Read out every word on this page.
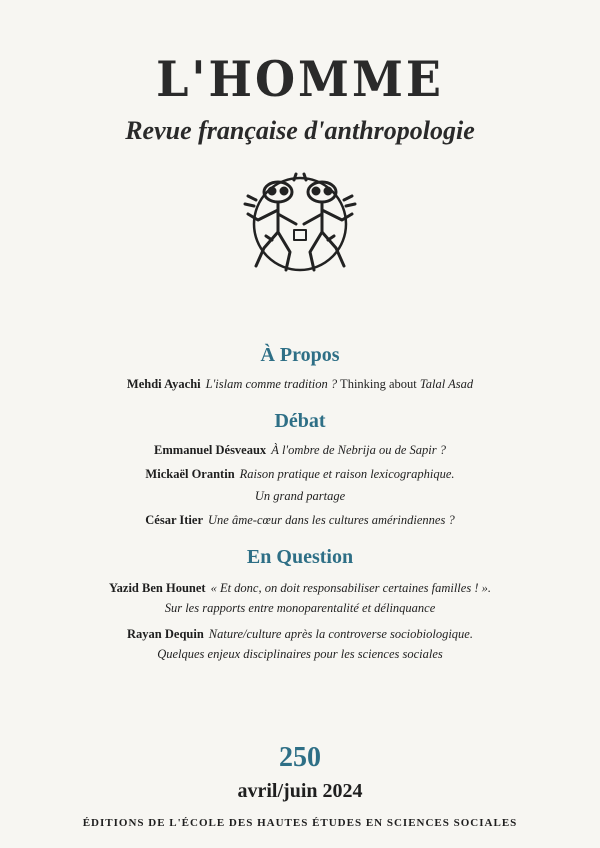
L'HOMME
Revue française d'anthropologie
À Propos
Mehdi Ayachi L'islam comme tradition ? Thinking about Talal Asad
Débat
Emmanuel Désveaux À l'ombre de Nebrija ou de Sapir ?
Mickaël Orantin Raison pratique et raison lexicographique.
Un grand partage
César Itier Une âme-cœur dans les cultures amérindiennes ?
En Question
Yazid Ben Hounet « Et donc, on doit responsabiliser certaines familles ! ».
Sur les rapports entre monoparentalité et délinquance
Rayan Dequin Nature/culture après la controverse sociobiologique.
Quelques enjeux disciplinaires pour les sciences sociales
250
avril/juin 2024
ÉDITIONS DE L'ÉCOLE DES HAUTES ÉTUDES EN SCIENCES SOCIALES
